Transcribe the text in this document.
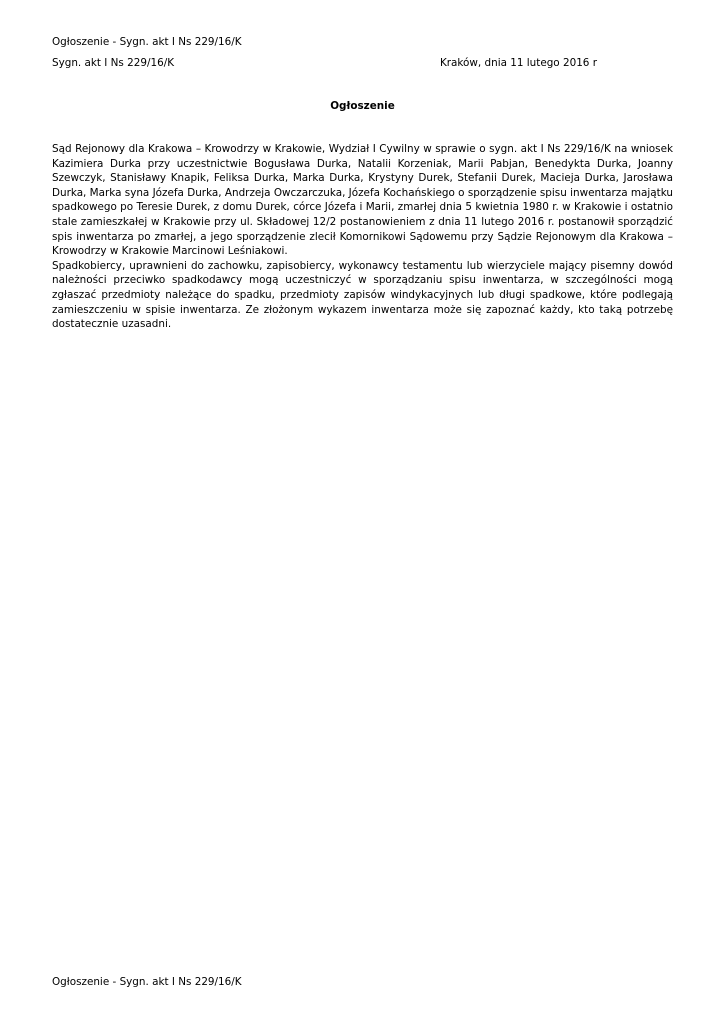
Ogłoszenie - Sygn. akt I Ns 229/16/K
Sygn. akt I Ns 229/16/K	Kraków, dnia 11 lutego 2016 r
Ogłoszenie

Sąd Rejonowy dla Krakowa – Krowodrzy w Krakowie, Wydział I Cywilny w sprawie o sygn. akt I Ns 229/16/K na wniosek Kazimiera Durka przy uczestnictwie Bogusława Durka, Natalii Korzeniak, Marii Pabjan, Benedykta Durka, Joanny Szewczyk, Stanisławy Knapik, Feliksa Durka, Marka Durka, Krystyny Durek, Stefanii Durek, Macieja Durka, Jarosława Durka, Marka syna Józefa Durka, Andrzeja Owczarczuka, Józefa Kochańskiego o sporządzenie spisu inwentarza majątku spadkowego po Teresie Durek, z domu Durek, córce Józefa i Marii, zmarłej dnia 5 kwietnia 1980 r. w Krakowie i ostatnio stale zamieszkałej w Krakowie przy ul. Składowej 12/2 postanowieniem z dnia 11 lutego 2016 r. postanowił sporządzić spis inwentarza po zmarłej, a jego sporządzenie zlecił Komornikowi Sądowemu przy Sądzie Rejonowym dla Krakowa – Krowodrzy w Krakowie Marcinowi Leśniakowi.

Spadkobiercy, uprawnieni do zachowku, zapisobiercy, wykonawcy testamentu lub wierzyciele mający pisemny dowód należności przeciwko spadkodawcy mogą uczestniczyć w sporządzaniu spisu inwentarza, w szczególności mogą zgłaszać przedmioty należące do spadku, przedmioty zapisów windykacyjnych lub długi spadkowe, które podlegają zamieszczeniu w spisie inwentarza. Ze złożonym wykazem inwentarza może się zapoznać każdy, kto taką potrzebę dostatecznie uzasadni.

Ogłoszenie - Sygn. akt I Ns 229/16/K
